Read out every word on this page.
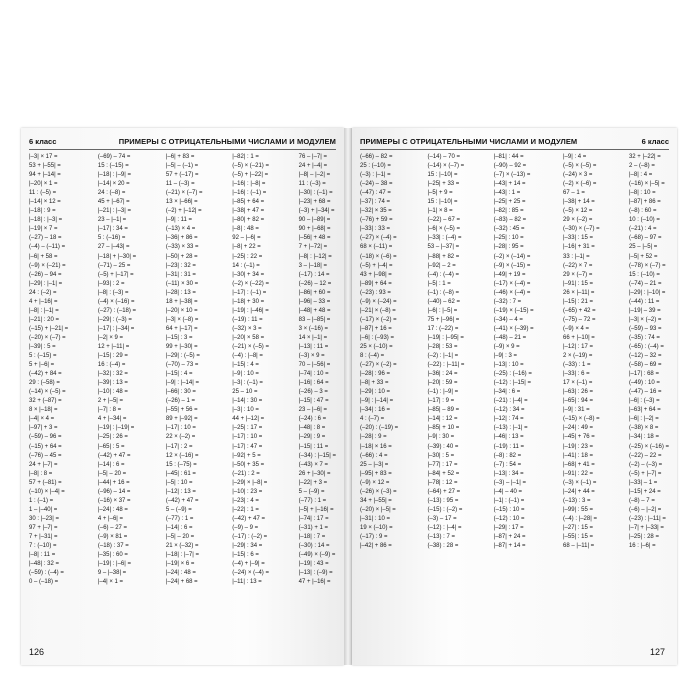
6 класс	ПРИМЕРЫ С ОТРИЦАТЕЛЬНЫМИ ЧИСЛАМИ И МОДУЛЕМ
|–3| × 17 =
53 + |–55| =
94 + |–14| =
|–20| × 1 =
11 : (–5) =
|–14| × 12 =
|–18| : 9 =
|–18| : |–3| =
|–19| × 7 =
(–27) – 18 =
(–4) – (–11) =
|–6| + 58 =
(–9) × (–21) =
(–26) – 94 =
|–29| : |–1| =
24 : (–2) =
4 + |–16| =
|–8| : |–1| =
|–21| : 20 =
(–15) + |–21| =
(–20) × (–7) =
|–39| : 5 =
5 : (–15) =
5 + |–6| =
(–42) + 84 =
29 : (–58) =
(–14) × (–5) =
32 + (–87) =
8 × |–18| =
|–4| × 4 =
|–97| + 3 =
(–59) – 96 =
(–15) + 64 =
(–76) – 45 =
24 + |–7| =
|–8| : 8 =
57 + (–81) =
(–10) × |–4| =
1 : (–1) =
1 – |–40| =
30 : |–23| =
97 + |–7| =
7 + |–31| =
7 : (–10) =
|–8| : 11 =
|–48| : 32 =
(–59) : (–4) =
0 – (–18) =
(–69) – 74 =
15 : (–15) =
|–18| : |–9| =
|–14| × 20 =
24 : (–8) =
45 + |–67| =
|–21| : |–3| =
23 – |–1| =
|–17| : 34 =
5 : (–16) =
27 – |–43| =
|–18| + |–30| =
(–71) – 25 =
(–5) + |–17| =
|–93| : 2 =
|–8| : (–3) =
(–4) × (–16) =
(–27) : (–18) =
|–29| : (–3) =
|–17| : |–34| =
|–2| × 9 =
12 + |–11| =
|–15| : 29 =
16 : (–4) =
|–32| : 32 =
|–39| : 13 =
|–10| : 48 =
2 + |–5| =
|–7| : 8 =
4 + |–34| =
|–19| : |–19| =
|–25| : 26 =
|–65| : 5 =
(–42) + 47 =
|–14| : 6 =
|–5| – 20 =
|–44| + 16 =
(–96) – 14 =
(–16) × 37 =
|–24| : 48 =
4 + |–6| =
(–6) – 27 =
(–9) × 81 =
(–18) : 37 =
|–35| : 60 =
|–19| : |–6| =
9 – |–38| =
|–4| × 1 =
|–6| + 83 =
|–5| – (–1) =
57 + (–17) =
11 – (–3) =
(–21) × (–7) =
13 × |–66| =
(–2) + |–12| =
|–9| : 11 =
(–13) × 4 =
|–36| + 86 =
(–33) × 33 =
|–50| + 28 =
|–23| : 32 =
|–31| : 31 =
(–11) × 30 =
|–28| : 13 =
18 + |–38| =
|–20| × 10 =
|–3| × (–8) =
64 + |–17| =
|–15| : 3 =
99 + |–30| =
|–29| : (–5) =
(–70) – 73 =
|–15| : 4 =
|–9| : |–14| =
|–66| : 30 =
(–26) – 1 =
|–55| + 56 =
89 + |–92| =
|–17| : 10 =
22 × (–2) =
|–17| : 2 =
12 × (–16) =
15 : (–75) =
|–45| : 61 =
|–5| : 10 =
|–12| : 13 =
(–42) + 47 =
5 – (–9) =
(–77) : 1 =
|–14| : 6 =
|–5| – 20 =
21 × (–32) =
|–18| : |–7| =
|–19| × 6 =
|–24| : 48 =
|–24| + 68 =
|–82| : 1 =
(–5) × (–21) =
(–5) + |–22| =
|–16| : |–8| =
|–16| : (–1) =
|–85| + 64 =
|–38| + 47 =
|–80| + 82 =
|–8| : 48 =
92 – |–6| =
|–8| + 22 =
|–25| : 22 =
14 : (–1) =
|–30| + 34 =
(–2) × (–22) =
|–17| : (–1) =
|–18| + 30 =
|–19| : |–46| =
(–19) : 11 =
(–32) × 3 =
|–20| × 58 =
(–21) × (–5) =
(–4) : |–8| =
|–15| : 4 =
|–9| : 10 =
|–3| : (–1) =
25 – 10 =
|–14| : 30 =
|–3| : 10 =
44 + |–12| =
|–25| : 17 =
|–17| : 10 =
|–17| : 47 =
|–92| + 5 =
|–50| + 35 =
(–21) : 2 =
|–29| × |–8| =
|–10| : 23 =
|–23| : 4 =
|–22| : 1 =
(–42) + 47 =
(–9) – 9 =
(–17) : (–2) =
|–29| : 34 =
|–15| : 6 =
(–4) + |–9| =
(–24) × (–4) =
|–11| : 13 =
76 – |–7| =
24 + |–4| =
|–8| – |–2| =
11 : (–3) =
|–30| : (–1) =
|–23| + 68 =
(–3) + |–34| =
90 – |–89| =
90 + |–68| =
|–56| + 48 =
7 + |–72| =
|–8| : |–12| =
3 – |–18| =
(–17) : 14 =
(–26) – 12 =
|–86| + 60 =
|–96| – 33 =
|–48| + 48 =
83 – |–85| =
3 × (–16) =
14 × |–1| =
|–13| : 11 =
(–3) × 9 =
70 – |–56| =
|–74| : 10 =
|–16| : 64 =
(–26) – 3 =
|–15| : 47 =
23 – |–6| =
(–24) : 6 =
|–48| : 8 =
|–29| : 9 =
|–15| : 11 =
(–34) : |–15| =
(–43) × 7 =
26 + |–30| =
|–22| + 3 =
5 – (–9) =
(–77) : 1 =
|–5| + |–16| =
|–74| : 17 =
(–31) + 1 =
|–18| : 7 =
(–30) : 14 =
(–49) × (–9) =
|–19| : 43 =
|–13| : (–9) =
47 + |–16| =
126
ПРИМЕРЫ С ОТРИЦАТЕЛЬНЫМИ ЧИСЛАМИ И МОДУЛЕМ	6 класс
(–66) – 82 =
25 : (–10) =
(–3) : |–1| =
(–24) – 38 =
(–47) : 47 =
|–37| : 74 =
|–32| × 35 =
(–76) + 59 =
|–33| : 33 =
(–27) × (–4) =
68 × (–11) =
(–18) × (–6) =
(–5) + |–4| =
43 + |–98| =
|–89| + 64 =
(–23) : 93 =
(–9) × (–24) =
|–21| × (–8) =
(–17) × (–2) =
|–87| + 16 =
|–6| : (–93) =
25 × (–10) =
8 : (–4) =
(–27) × (–2) =
|–28| : 96 =
|–8| + 33 =
|–29| : 10 =
|–9| : |–14| =
|–34| : 16 =
4 : (–7) =
(–20) : (–19) =
|–28| : 9 =
|–18| × 16 =
(–66) : 4 =
25 – |–3| =
|–95| + 83 =
(–9) × 12 =
(–26) × (–3) =
34 + |–55| =
(–20) × |–5| =
|–31| : 10 =
19 × (–10) =
(–17) : 9 =
|–42| + 86 =
(–14) – 70 =
(–14) × (–7) =
15 : |–10| =
|–25| + 33 =
|–5| + 9 =
15 : |–10| =
|–1| × 8 =
(–22) – 67 =
|–6| × (–5) =
|–33| : (–4) =
53 – |–37| =
|–88| + 82 =
|–92| – 2 =
(–4) : (–4) =
|–5| : 1 =
(–1) : (–8) =
(–40) – 62 =
|–6| : |–5| =
75 + |–96| =
17 : (–22) =
|–19| : |–95| =
|–28| : 53 =
(–2) : |–1| =
(–22) : |–11| =
|–36| : 24 =
|–20| : 59 =
(–1) : |–9| =
|–17| : 9 =
|–85| – 89 =
|–14| : 12 =
|–85| + 10 =
|–9| : 30 =
(–39) : 40 =
|–30| : 5 =
|–77| : 17 =
|–84| + 52 =
|–78| : 12 =
(–64) + 27 =
(–13) : 95 =
(–15) : (–2) =
(–3) – 17 =
(–12) : |–4| =
(–13) : 7 =
(–38) : 28 =
|–81| : 44 =
(–90) – 92 =
(–7) × (–13) =
|–43| + 14 =
|–43| : 1 =
|–25| + 25 =
|–82| : 85 =
(–83) – 82 =
(–32) : 45 =
|–25| : 10 =
|–28| : 95 =
(–2) × (–14) =
(–9) × (–15) =
|–49| + 19 =
(–17) × (–4) =
(–46) × (–4) =
(–32) : 7 =
(–19) × (–15) =
(–34) – 4 =
(–41) × (–39) =
(–48) – 21 =
(–9) × 9 =
|–9| : 3 =
|–13| : 10 =
(–25) : (–16) =
(–12) : |–15| =
|–34| : 6 =
(–21) : |–4| =
(–12) : 34 =
|–12| : 74 =
(–13) : |–1| =
|–46| : 13 =
(–19) : 11 =
(–8) : 82 =
(–7) : 54 =
|–13| : 34 =
(–3) – |–1| =
|–4| – 40 =
|–1| : (–1) =
(–15) : 10 =
(–12) : 10 =
|–29| : 17 =
|–87| + 24 =
|–87| + 14 =
|–9| : 4 =
(–5) × (–5) =
(–24) × 3 =
(–2) × (–6) =
67 – 1 =
|–38| + 14 =
(–5) × 12 =
29 × (–2) =
(–30) × (–7) =
|–33| : 15 =
|–16| + 31 =
33 : |–1| =
(–22) × 7 =
29 × (–7) =
|–91| : 15 =
26 × |–11| =
|–15| : 21 =
(–65) + 42 =
(–75) – 72 =
(–9) × 4 =
66 + |–10| =
|–12| : 17 =
2 × (–19) =
(–33) : 1 =
|–33| : 6 =
17 × (–1) =
|–63| : 26 =
|–65| : 94 =
|–9| : 31 =
(–15) × (–8) =
|–24| : 49 =
|–45| + 76 =
|–19| : 23 =
|–41| : 18 =
|–68| + 41 =
|–91| : 22 =
(–3) × (–1) =
|–24| + 44 =
(–13) : 3 =
|–99| : 55 =
(–4) : |–28| =
|–27| : 15 =
|–55| : 15 =
68 – |–11| =
32 + |–22| =
2 – (–8) =
|–8| : 4 =
(–16) × |–5| =
|–8| : 10 =
|–87| + 86 =
(–8) : 60 =
10 : (–10) =
(–21) : 4 =
(–68) – 97 =
25 – |–5| =
|–5| + 52 =
(–78) × (–7) =
15 : (–10) =
(–74) – 21 =
|–29| : |–10| =
(–44) : 11 =
|–19| – 39 =
|–3| × (–2) =
(–59) – 93 =
(–35) : 74 =
(–65) : (–4) =
(–12) – 32 =
(–58) – 69 =
|–17| : 68 =
(–49) : 10 =
(–47) – 16 =
|–6| : (–3) =
|–63| + 64 =
|–6| : |–2| =
(–38) × 8 =
|–34| : 18 =
(–25) × (–16) =
(–22) – 22 =
(–2) – (–3) =
(–5) + |–7| =
|–33| – 1 =
|–15| + 24 =
(–8) – 7 =
(–6) – |–2| =
(–23) : |–11| =
|–7| + |–33| =
|–25| : 28 =
16 : |–6| =
127
